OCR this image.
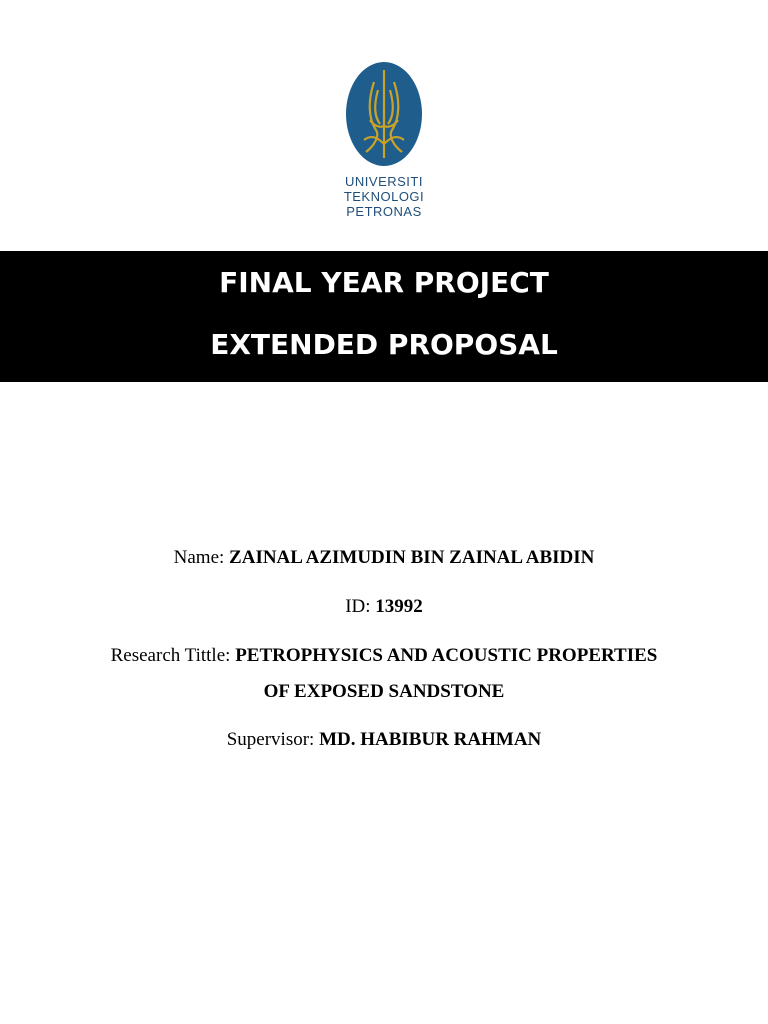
UNIVERSITI
TEKNOLOGI
PETRONAS
FINAL YEAR PROJECT
EXTENDED PROPOSAL
Name: ZAINAL AZIMUDIN BIN ZAINAL ABIDIN
ID: 13992
Research Tittle: PETROPHYSICS AND ACOUSTIC PROPERTIES
OF EXPOSED SANDSTONE
Supervisor: MD. HABIBUR RAHMAN
